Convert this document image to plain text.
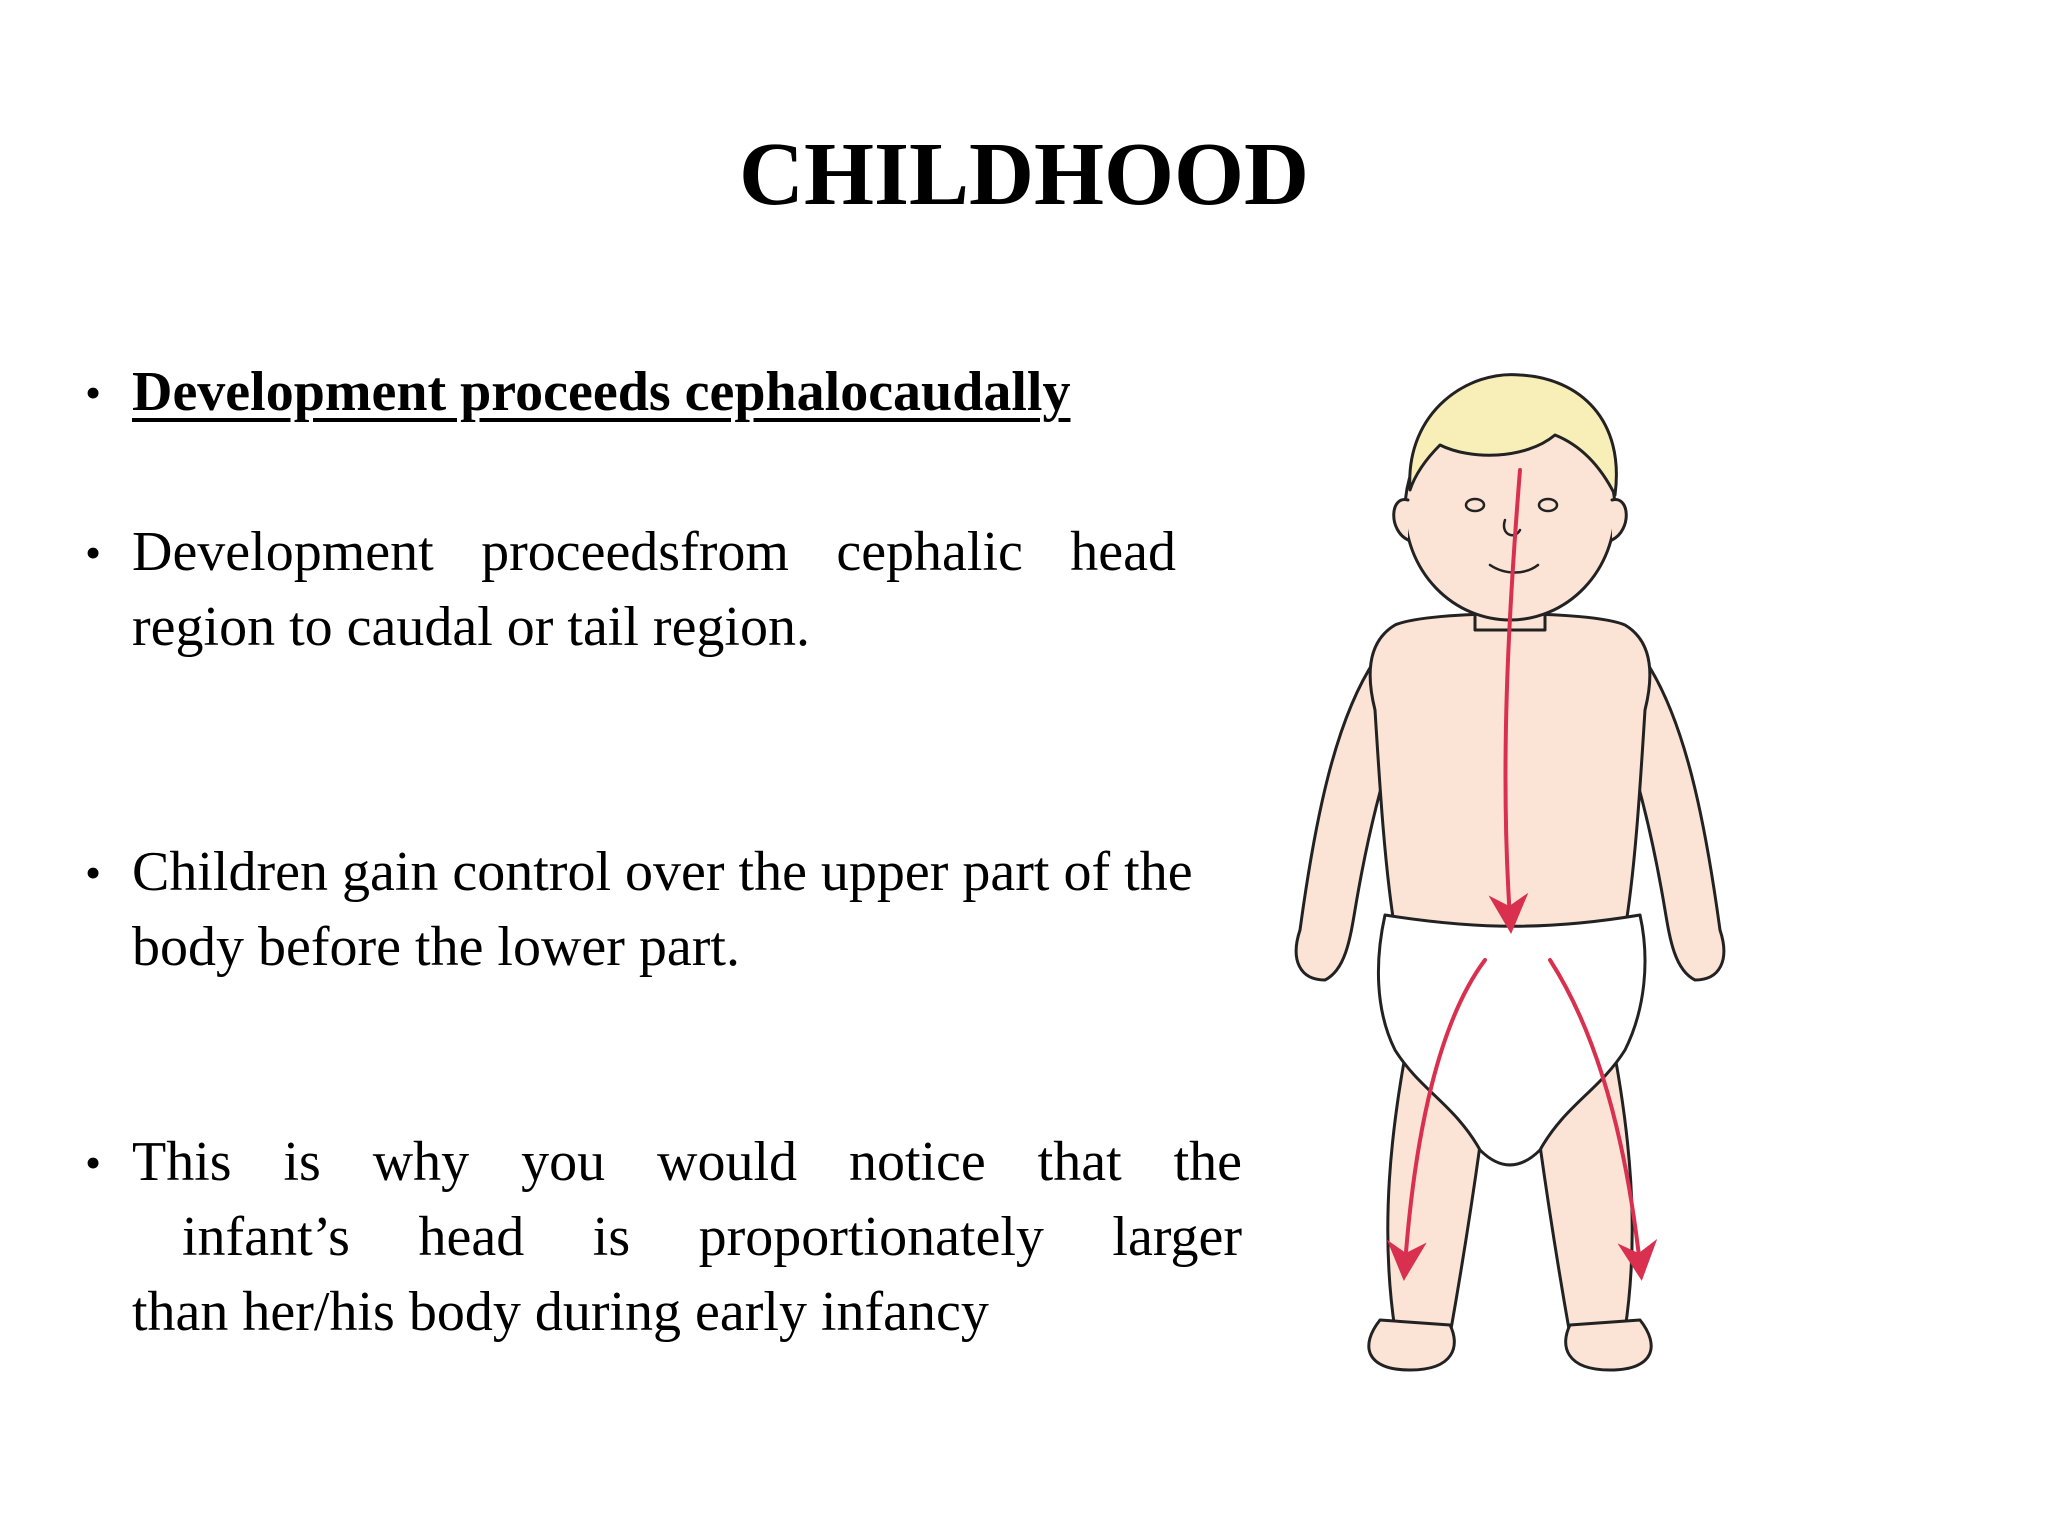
CHILDHOOD
• Development proceeds cephalocaudally
• Development proceedsfrom cephalic head region to caudal or tail region.
• Children gain control over the upper part of the body before the lower part.
• This is why you would notice that the
infant’s head is proportionately larger
than her/his body during early infancy
